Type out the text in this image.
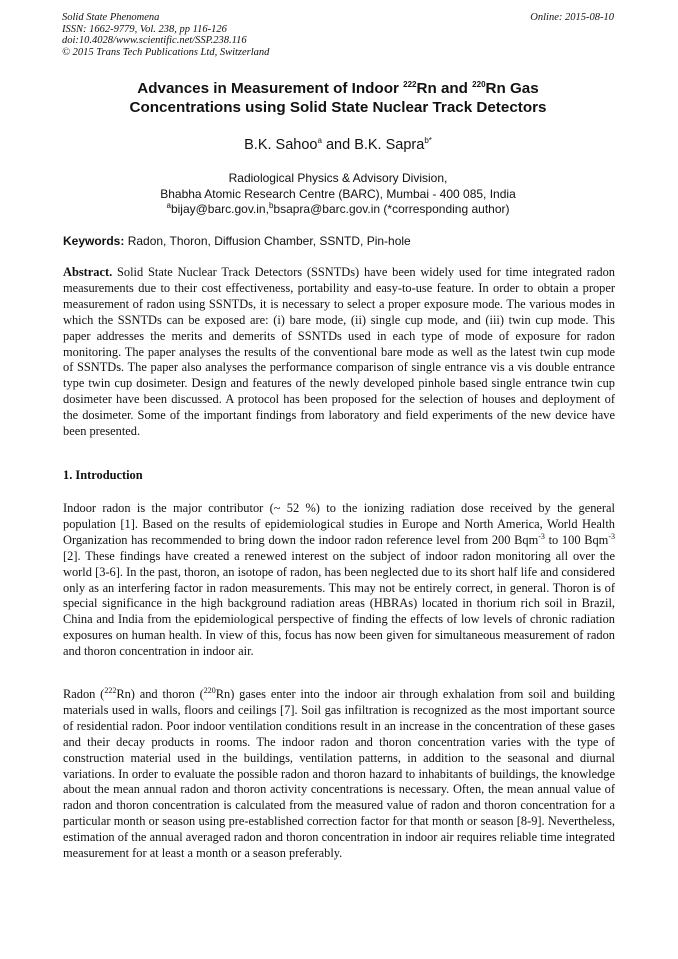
Solid State Phenomena
ISSN: 1662-9779, Vol. 238, pp 116-126
doi:10.4028/www.scientific.net/SSP.238.116
© 2015 Trans Tech Publications Ltd, Switzerland
Online: 2015-08-10
Advances in Measurement of Indoor $^{222}$Rn and $^{220}$Rn Gas
Concentrations using Solid State Nuclear Track Detectors
B.K. Sahoo$^a$ and B.K. Sapra$^{b*}$
Radiological Physics & Advisory Division,
Bhabha Atomic Research Centre (BARC), Mumbai - 400 085, India
$^a$bijay@barc.gov.in,$^b$bsapra@barc.gov.in (*corresponding author)
Keywords: Radon, Thoron, Diffusion Chamber, SSNTD, Pin-hole
Abstract. Solid State Nuclear Track Detectors (SSNTDs) have been widely used for time integrated radon measurements due to their cost effectiveness, portability and easy-to-use feature. In order to obtain a proper measurement of radon using SSNTDs, it is necessary to select a proper exposure mode. The various modes in which the SSNTDs can be exposed are: (i) bare mode, (ii) single cup mode, and (iii) twin cup mode. This paper addresses the merits and demerits of SSNTDs used in each type of mode of exposure for radon monitoring. The paper analyses the results of the conventional bare mode as well as the latest twin cup mode of SSNTDs. The paper also analyses the performance comparison of single entrance vis a vis double entrance type twin cup dosimeter. Design and features of the newly developed pinhole based single entrance twin cup dosimeter have been discussed. A protocol has been proposed for the selection of houses and deployment of the dosimeter. Some of the important findings from laboratory and field experiments of the new device have been presented.
1. Introduction
Indoor radon is the major contributor (~ 52 %) to the ionizing radiation dose received by the general population [1]. Based on the results of epidemiological studies in Europe and North America, World Health Organization has recommended to bring down the indoor radon reference level from 200 Bqm$^{-3}$ to 100 Bqm$^{-3}$ [2]. These findings have created a renewed interest on the subject of indoor radon monitoring all over the world [3-6]. In the past, thoron, an isotope of radon, has been neglected due to its short half life and considered only as an interfering factor in radon measurements. This may not be entirely correct, in general. Thoron is of special significance in the high background radiation areas (HBRAs) located in thorium rich soil in Brazil, China and India from the epidemiological perspective of finding the effects of low levels of chronic radiation exposures on human health. In view of this, focus has now been given for simultaneous measurement of radon and thoron concentration in indoor air.
Radon ($^{222}$Rn) and thoron ($^{220}$Rn) gases enter into the indoor air through exhalation from soil and building materials used in walls, floors and ceilings [7]. Soil gas infiltration is recognized as the most important source of residential radon. Poor indoor ventilation conditions result in an increase in the concentration of these gases and their decay products in rooms. The indoor radon and thoron concentration varies with the type of construction material used in the buildings, ventilation patterns, in addition to the seasonal and diurnal variations. In order to evaluate the possible radon and thoron hazard to inhabitants of buildings, the knowledge about the mean annual radon and thoron activity concentrations is necessary. Often, the mean annual value of radon and thoron concentration is calculated from the measured value of radon and thoron concentration for a particular month or season using pre-established correction factor for that month or season [8-9]. Nevertheless, estimation of the annual averaged radon and thoron concentration in indoor air requires reliable time integrated measurement for at least a month or a season preferably.
